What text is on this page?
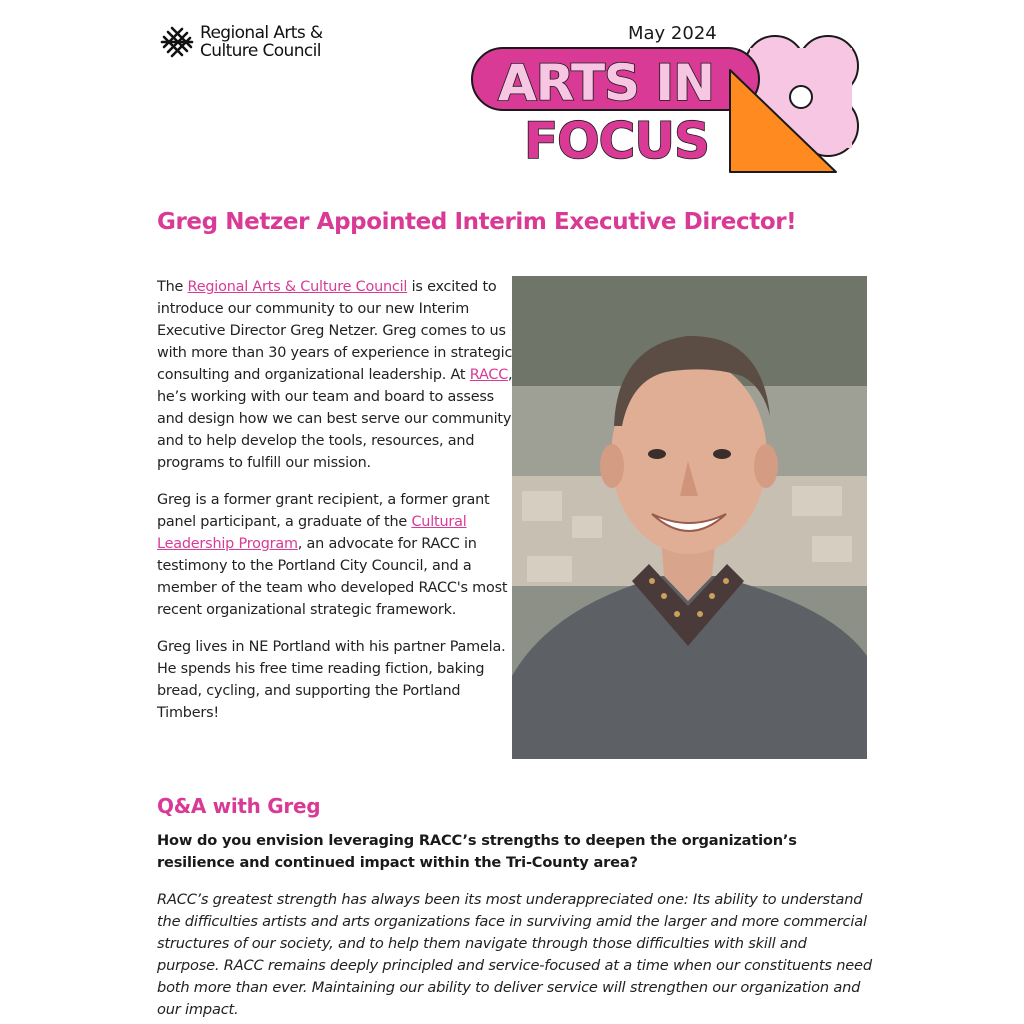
Regional Arts &
Culture Council
ARTS IN
FOCUS
May 2024
Greg Netzer Appointed Interim Executive Director!

The Regional Arts & Culture Council is excited to introduce our community to our new Interim Executive Director Greg Netzer. Greg comes to us with more than 30 years of experience in strategic consulting and organizational leadership. At RACC, he’s working with our team and board to assess and design how we can best serve our community and to help develop the tools, resources, and programs to fulfill our mission.

Greg is a former grant recipient, a former grant panel participant, a graduate of the Cultural Leadership Program, an advocate for RACC in testimony to the Portland City Council, and a member of the team who developed RACC's most recent organizational strategic framework.

Greg lives in NE Portland with his partner Pamela. He spends his free time reading fiction, baking bread, cycling, and supporting the Portland Timbers!

Q&A with Greg

How do you envision leveraging RACC’s strengths to deepen the organization’s resilience and continued impact within the Tri-County area?

RACC’s greatest strength has always been its most underappreciated one: Its ability to understand the difficulties artists and arts organizations face in surviving amid the larger and more commercial structures of our society, and to help them navigate through those difficulties with skill and purpose. RACC remains deeply principled and service-focused at a time when our constituents need both more than ever. Maintaining our ability to deliver service will strengthen our organization and our impact.
